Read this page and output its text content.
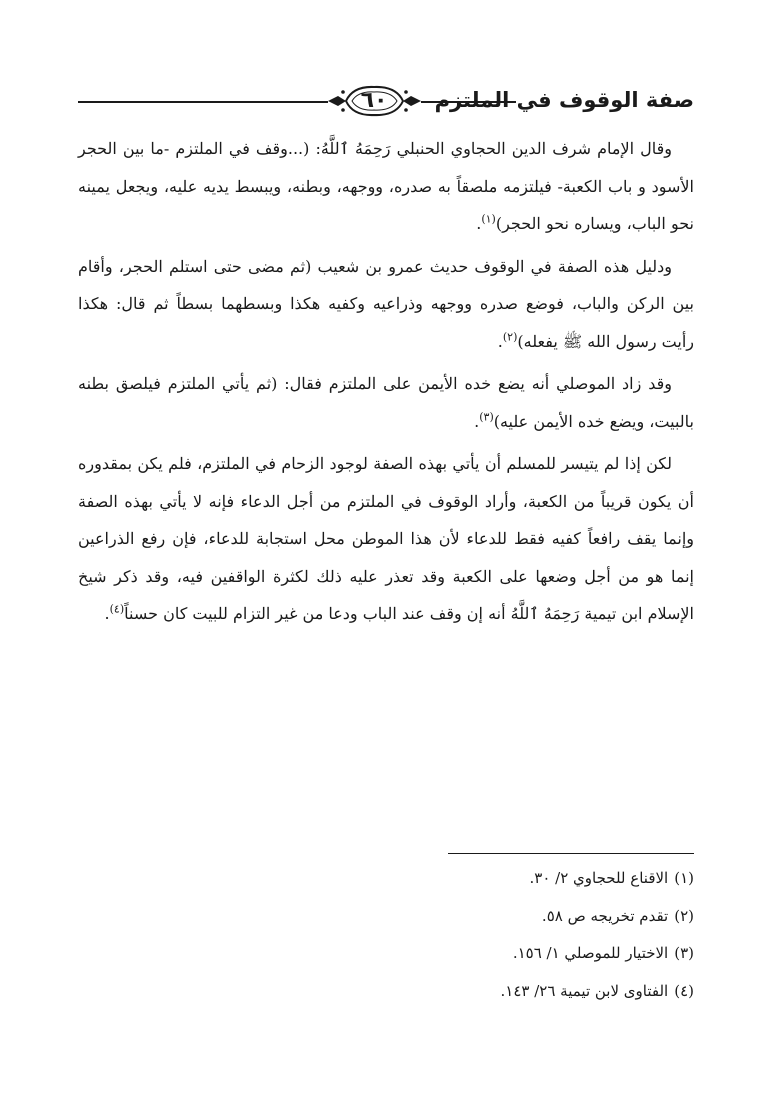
صفة الوقوف في الملتزم
٦٠

وقال الإمام شرف الدين الحجاوي الحنبلي رَحِمَهُ ٱللَّهُ: (...وقف في الملتزم -ما بين الحجر الأسود و باب الكعبة- فيلتزمه ملصقاً به صدره، ووجهه، وبطنه، ويبسط يديه عليه، ويجعل يمينه نحو الباب، ويساره نحو الحجر)$^{(١)}$.

ودليل هذه الصفة في الوقوف حديث عمرو بن شعيب (ثم مضى حتى استلم الحجر، وأقام بين الركن والباب، فوضع صدره ووجهه وذراعيه وكفيه هكذا وبسطهما بسطاً ثم قال: هكذا رأيت رسول الله ﷺ يفعله)$^{(٢)}$.

وقد زاد الموصلي أنه يضع خده الأيمن على الملتزم فقال: (ثم يأتي الملتزم فيلصق بطنه بالبيت، ويضع خده الأيمن عليه)$^{(٣)}$.

لكن إذا لم يتيسر للمسلم أن يأتي بهذه الصفة لوجود الزحام في الملتزم، فلم يكن بمقدوره أن يكون قريباً من الكعبة، وأراد الوقوف في الملتزم من أجل الدعاء فإنه لا يأتي بهذه الصفة وإنما يقف رافعاً كفيه فقط للدعاء لأن هذا الموطن محل استجابة للدعاء، فإن رفع الذراعين إنما هو من أجل وضعها على الكعبة وقد تعذر عليه ذلك لكثرة الواقفين فيه، وقد ذكر شيخ الإسلام ابن تيمية رَحِمَهُ ٱللَّهُ أنه إن وقف عند الباب ودعا من غير التزام للبيت كان حسناً$^{(٤)}$.

(١)الاقناع للحجاوي ٢/ ٣٠.
(٢)تقدم تخريجه ص ٥٨.
(٣)الاختيار للموصلي ١/ ١٥٦.
(٤)الفتاوى لابن تيمية ٢٦/ ١٤٣.
